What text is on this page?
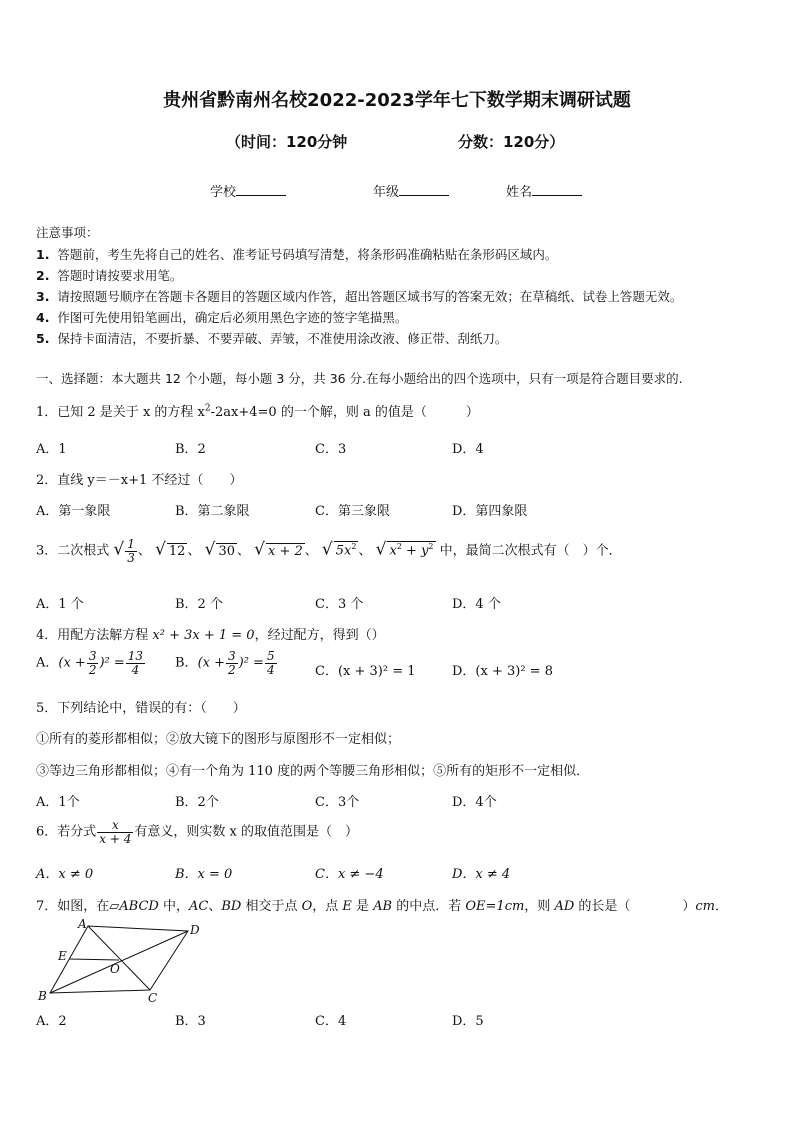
贵州省黔南州名校2022-2023学年七下数学期末调研试题
（时间：120分钟	分数：120分）
学校	年级	姓名
注意事项：
1. 答题前，考生先将自己的姓名、准考证号码填写清楚，将条形码准确粘贴在条形码区域内。
2. 答题时请按要求用笔。
3. 请按照题号顺序在答题卡各题目的答题区域内作答，超出答题区域书写的答案无效；在草稿纸、试卷上答题无效。
4. 作图可先使用铅笔画出，确定后必须用黑色字迹的签字笔描黑。
5. 保持卡面清洁，不要折暴、不要弄破、弄皱，不准使用涂改液、修正带、刮纸刀。
一、选择题：本大题共 12 个小题，每小题 3 分，共 36 分.在每小题给出的四个选项中，只有一项是符合题目要求的.
1．已知 2 是关于 x 的方程 $x^2-2ax+4=0$ 的一个解，则 a 的值是（　　　）
A．1	B．2	C．3	D．4
2．直线 y＝－x+1 不经过（　　）
A．第一象限	B．第二象限	C．第三象限	D．第四象限
3．二次根式 √ $\frac{1}{3}$ 、 √ 12 、 √ 30 、 √ x + 2 、 √ $5x^2$ 、 √ $x^2 + y^2$ 中，最简二次根式有（　）个．
A．1 个	B．2 个	C．3 个	D．4 个
4．用配方法解方程 x² + 3x + 1 = 0，经过配方，得到（）
A．$(x + \frac{3}{2} )^2 = \frac{13}{4}$ B．$(x + \frac{3}{2} )^2 = \frac{5}{4}$	C．(x + 3)² = 1	D．(x + 3)² = 8
5．下列结论中，错误的有：（　　）
①所有的菱形都相似；②放大镜下的图形与原图形不一定相似；
③等边三角形都相似；④有一个角为 110 度的两个等腰三角形相似；⑤所有的矩形不一定相似．
A．1个	B．2个	C．3个	D．4个
6．若分式 $\frac{x}{x + 4}$ 有意义，则实数 x 的取值范围是（　）
A．x ≠ 0	B．x = 0	C．x ≠ −4	D．x ≠ 4
7．如图，在▱ABCD 中，AC、BD 相交于点 O，点 E 是 AB 的中点．若 OE=1cm，则 AD 的长是（　　　　）cm．
A	D
B	C
E
O
A．2	B．3	C．4	D．5
